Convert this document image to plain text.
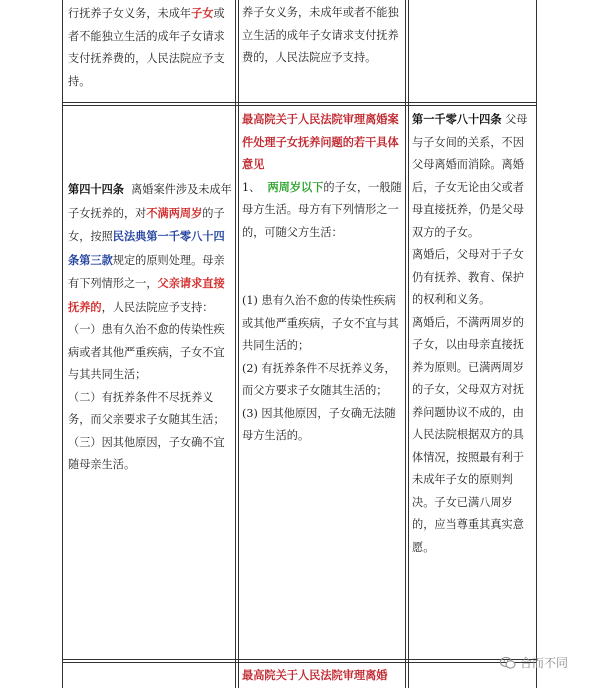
行抚养子女义务，未成年子女或者不能独立生活的成年子女请求支付抚养费的，人民法院应予支持。

养子女义务，未成年或者不能独立生活的成年子女请求支付抚养费的，人民法院应予支持。

第四十四条 离婚案件涉及未成年子女抚养的，对不满两周岁的子女，按照民法典第一千零八十四条第三款规定的原则处理。母亲有下列情形之一，父亲请求直接抚养的，人民法院应予支持：

（一）患有久治不愈的传染性疾病或者其他严重疾病，子女不宜与其共同生活；

（二）有抚养条件不尽抚养义务，而父亲要求子女随其生活；

（三）因其他原因，子女确不宜随母亲生活。

最高院关于人民法院审理离婚案件处理子女抚养问题的若干具体意见

1、 两周岁以下的子女，一般随母方生活。母方有下列情形之一的，可随父方生活：

(1) 患有久治不愈的传染性疾病或其他严重疾病，子女不宜与其共同生活的；

(2) 有抚养条件不尽抚养义务，而父方要求子女随其生活的；

(3) 因其他原因，子女确无法随母方生活的。

第一千零八十四条 父母与子女间的关系，不因父母离婚而消除。离婚后，子女无论由父或者母直接抚养，仍是父母双方的子女。

离婚后，父母对于子女仍有抚养、教育、保护的权利和义务。

离婚后，不满两周岁的子女，以由母亲直接抚养为原则。已满两周岁的子女，父母双方对抚养问题协议不成的，由人民法院根据双方的具体情况，按照最有利于未成年子女的原则判决。子女已满八周岁的，应当尊重其真实意愿。

最高院关于人民法院审理离婚

合而不同
